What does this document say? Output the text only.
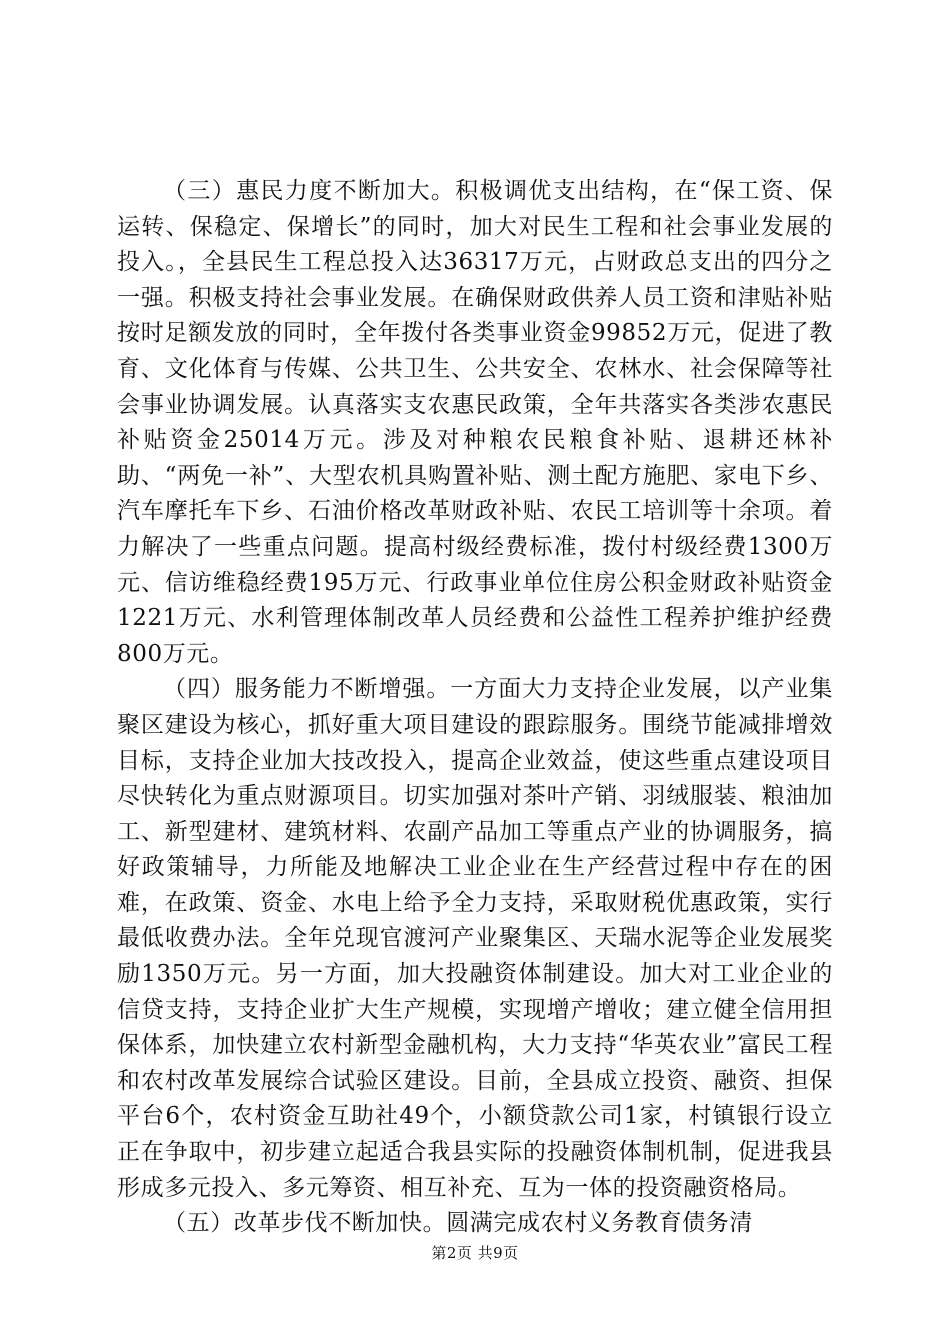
（三）惠民力度不断加大。积极调优支出结构，在“保工资、保运转、保稳定、保增长”的同时，加大对民生工程和社会事业发展的投入。，全县民生工程总投入达36317万元，占财政总支出的四分之一强。积极支持社会事业发展。在确保财政供养人员工资和津贴补贴按时足额发放的同时，全年拨付各类事业资金99852万元，促进了教育、文化体育与传媒、公共卫生、公共安全、农林水、社会保障等社会事业协调发展。认真落实支农惠民政策，全年共落实各类涉农惠民补贴资金25014万元。涉及对种粮农民粮食补贴、退耕还林补助、“两免一补”、大型农机具购置补贴、测土配方施肥、家电下乡、汽车摩托车下乡、石油价格改革财政补贴、农民工培训等十余项。着力解决了一些重点问题。提高村级经费标准，拨付村级经费1300万元、信访维稳经费195万元、行政事业单位住房公积金财政补贴资金1221万元、水利管理体制改革人员经费和公益性工程养护维护经费800万元。

（四）服务能力不断增强。一方面大力支持企业发展，以产业集聚区建设为核心，抓好重大项目建设的跟踪服务。围绕节能减排增效目标，支持企业加大技改投入，提高企业效益，使这些重点建设项目尽快转化为重点财源项目。切实加强对茶叶产销、羽绒服装、粮油加工、新型建材、建筑材料、农副产品加工等重点产业的协调服务，搞好政策辅导，力所能及地解决工业企业在生产经营过程中存在的困难，在政策、资金、水电上给予全力支持，采取财税优惠政策，实行最低收费办法。全年兑现官渡河产业聚集区、天瑞水泥等企业发展奖励1350万元。另一方面，加大投融资体制建设。加大对工业企业的信贷支持，支持企业扩大生产规模，实现增产增收；建立健全信用担保体系，加快建立农村新型金融机构，大力支持“华英农业”富民工程和农村改革发展综合试验区建设。目前，全县成立投资、融资、担保平台6个，农村资金互助社49个，小额贷款公司1家，村镇银行设立正在争取中，初步建立起适合我县实际的投融资体制机制，促进我县形成多元投入、多元筹资、相互补充、互为一体的投资融资格局。

（五）改革步伐不断加快。圆满完成农村义务教育债务清

第2页 共9页
